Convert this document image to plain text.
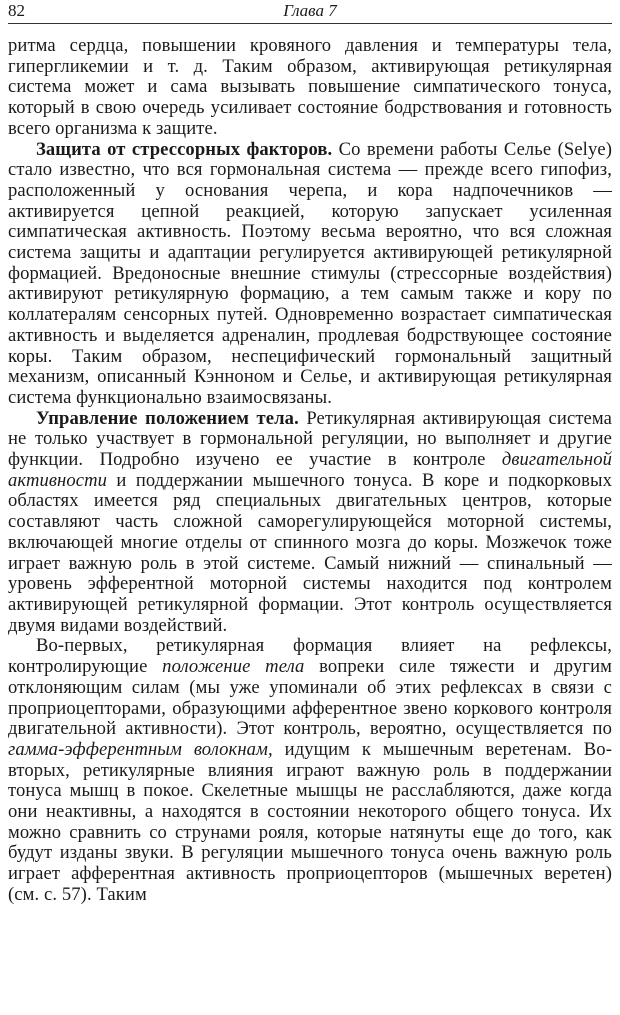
82	Глава 7

ритма сердца, повышении кровяного давления и температуры тела, гипергликемии и т. д. Таким образом, активирующая ретикулярная система может и сама вызывать повышение симпатического тонуса, который в свою очередь усиливает состояние бодрствования и готовность всего организма к защите.

Защита от стрессорных факторов. Со времени работы Селье (Selye) стало известно, что вся гормональная система — прежде всего гипофиз, расположенный у основания черепа, и кора надпочечников — активируется цепной реакцией, которую запускает усиленная симпатическая активность. Поэтому весьма вероятно, что вся сложная система защиты и адаптации регулируется активирующей ретикулярной формацией. Вредоносные внешние стимулы (стрессорные воздействия) активируют ретикулярную формацию, а тем самым также и кору по коллатералям сенсорных путей. Одновременно возрастает симпатическая активность и выделяется адреналин, продлевая бодрствующее состояние коры. Таким образом, неспецифический гормональный защитный механизм, описанный Кэнноном и Селье, и активирующая ретикулярная система функционально взаимосвязаны.

Управление положением тела. Ретикулярная активирующая система не только участвует в гормональной регуляции, но выполняет и другие функции. Подробно изучено ее участие в контроле двигательной активности и поддержании мышечного тонуса. В коре и подкорковых областях имеется ряд специальных двигательных центров, которые составляют часть сложной саморегулирующейся моторной системы, включающей многие отделы от спинного мозга до коры. Мозжечок тоже играет важную роль в этой системе. Самый нижний — спинальный — уровень эфферентной моторной системы находится под контролем активирующей ретикулярной формации. Этот контроль осуществляется двумя видами воздействий.

Во-первых, ретикулярная формация влияет на рефлексы, контролирующие положение тела вопреки силе тяжести и другим отклоняющим силам (мы уже упоминали об этих рефлексах в связи с проприоцепторами, образующими афферентное звено коркового контроля двигательной активности). Этот контроль, вероятно, осуществляется по гамма-эфферентным волокнам, идущим к мышечным веретенам. Во-вторых, ретикулярные влияния играют важную роль в поддержании тонуса мышц в покое. Скелетные мышцы не расслабляются, даже когда они неактивны, а находятся в состоянии некоторого общего тонуса. Их можно сравнить со струнами рояля, которые натянуты еще до того, как будут изданы звуки. В регуляции мышечного тонуса очень важную роль играет афферентная активность проприоцепторов (мышечных веретен) (см. с. 57). Таким
